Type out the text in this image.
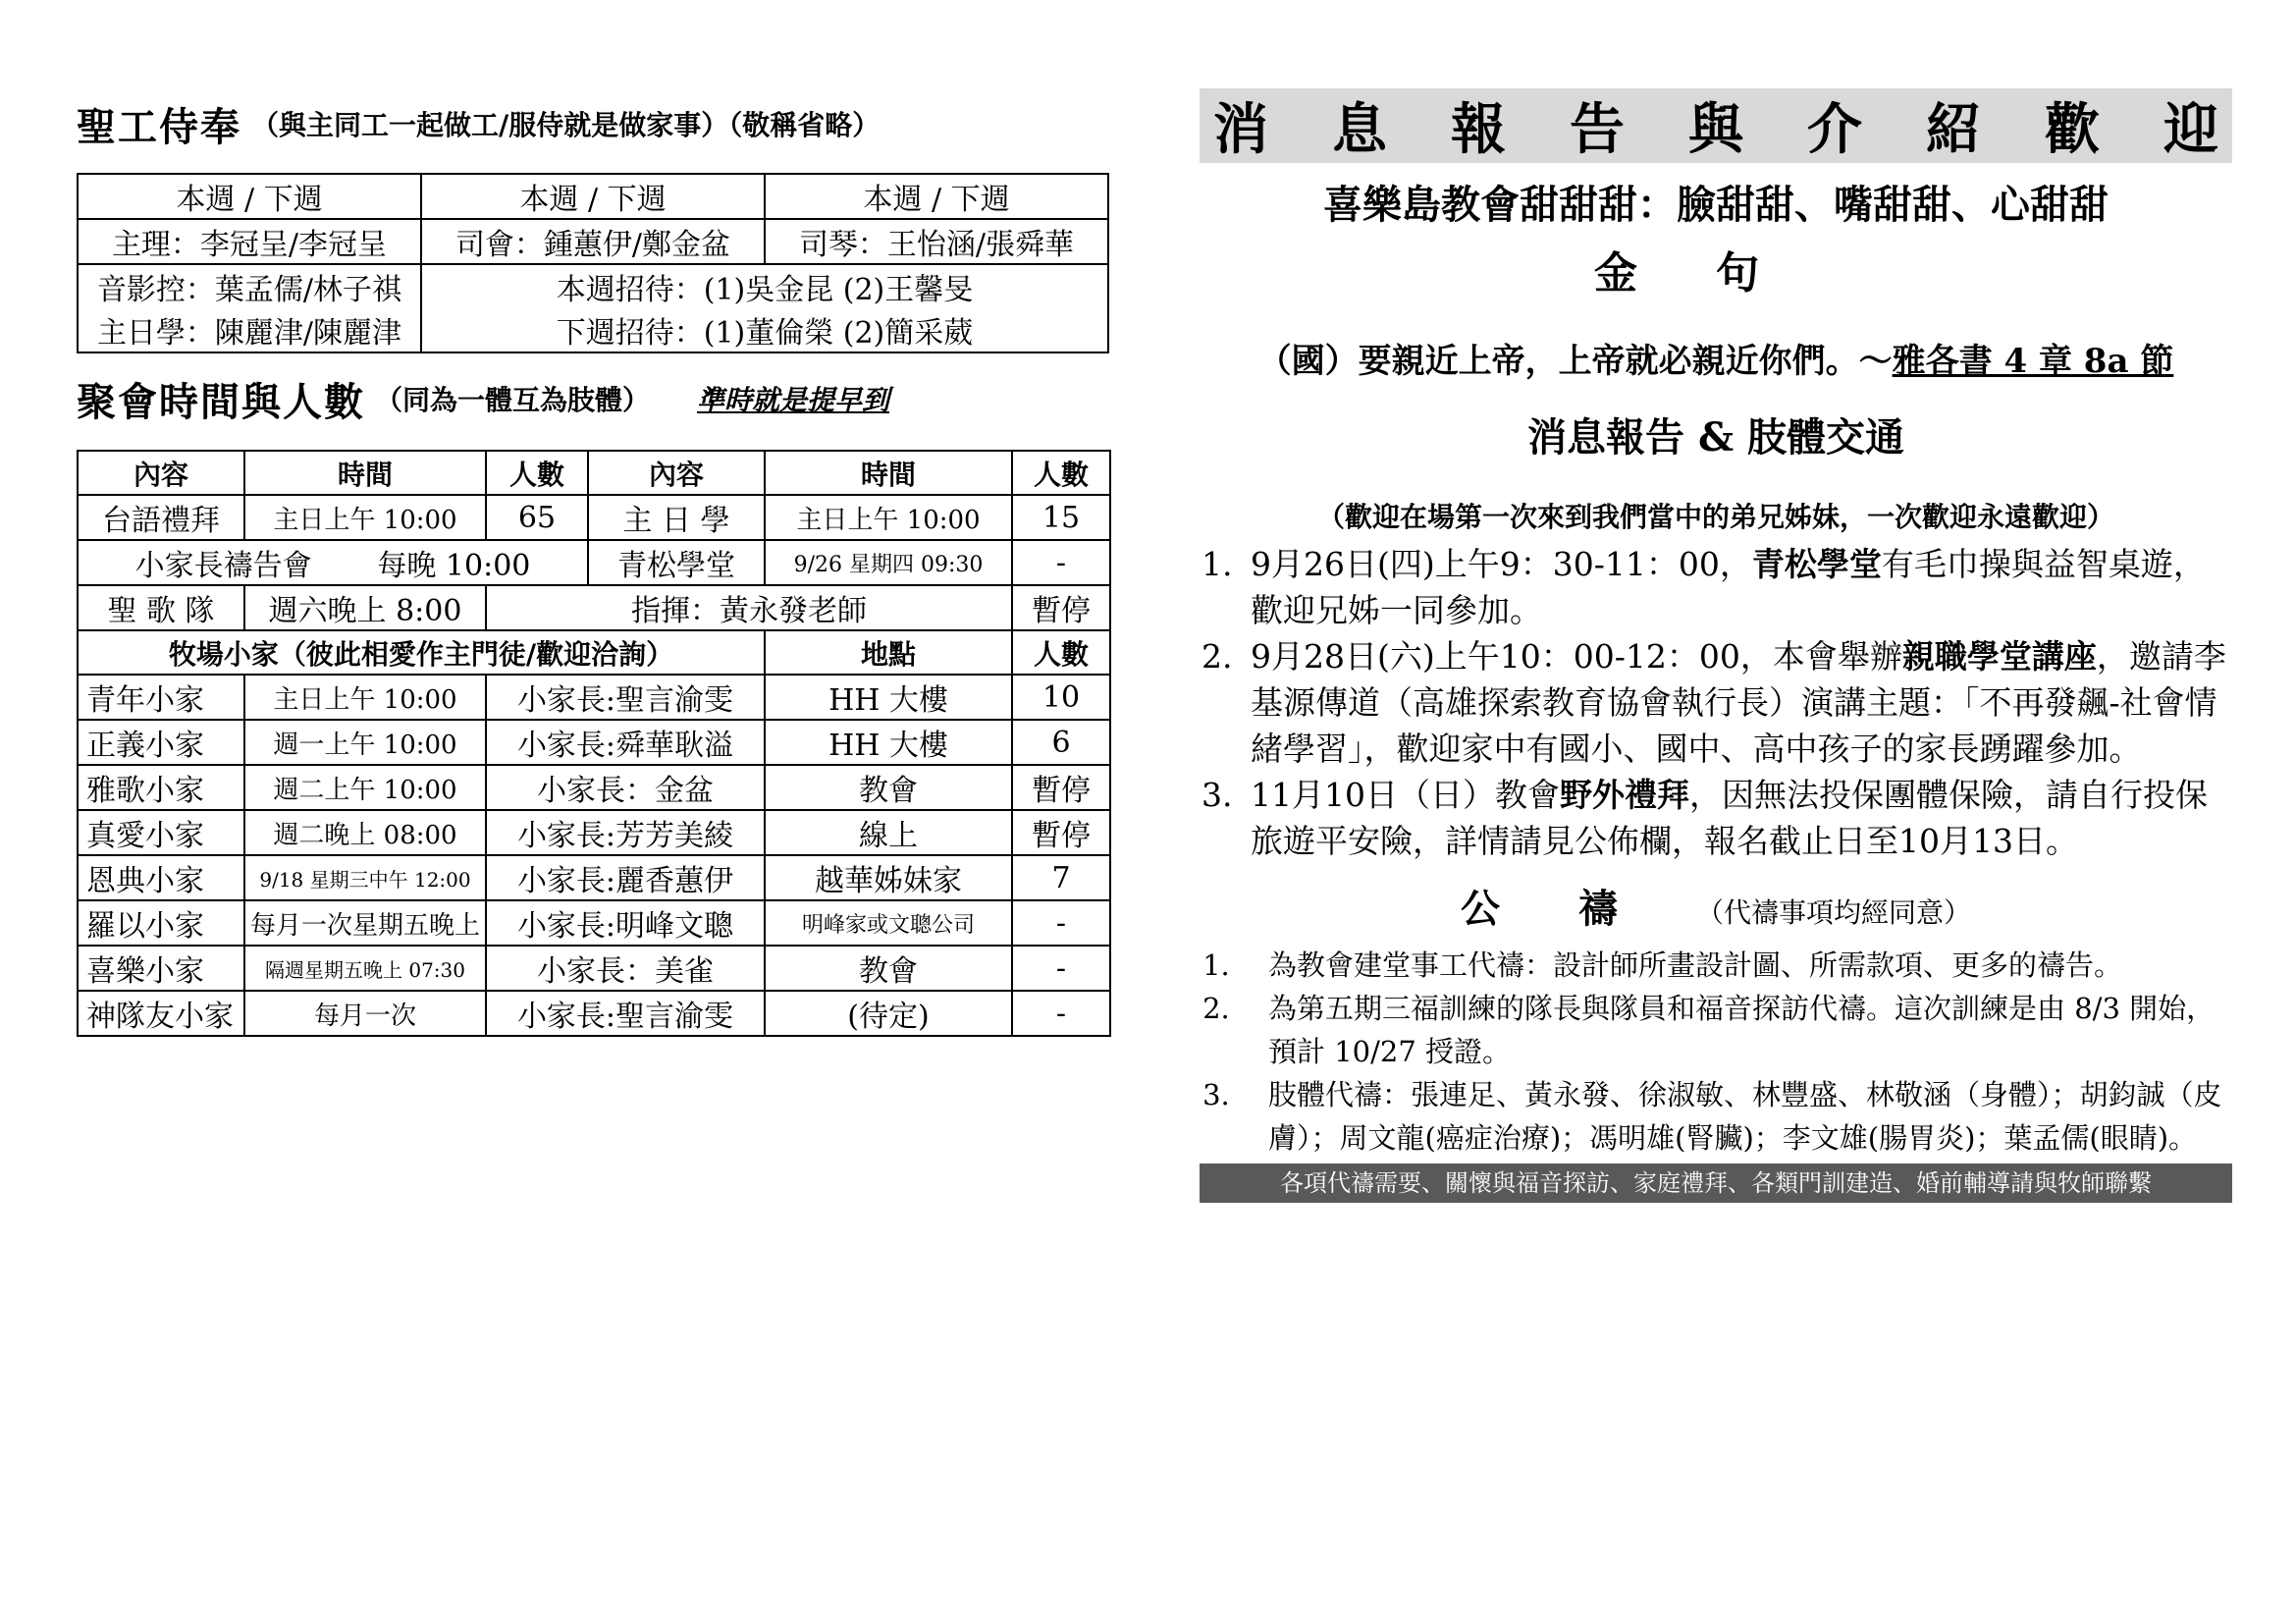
聖工侍奉 （與主同工一起做工/服侍就是做家事）（敬稱省略）
本週 / 下週	本週 / 下週	本週 / 下週
主理：李冠呈/李冠呈	司會：鍾蕙伊/鄭金盆	司琴：王怡涵/張舜華
音影控：葉孟儒/林子祺	本週招待：(1)吳金昆 (2)王馨旻	
主日學：陳麗津/陳麗津	下週招待：(1)董倫榮 (2)簡采葳	
聚會時間與人數 （同為一體互為肢體） 準時就是提早到
內容	時間	人數	內容	時間	人數
台語禮拜	主日上午 10:00	65	主 日 學	主日上午 10:00	15
小家長禱告會       每晚 10:00			青松學堂	9/26 星期四 09:30	-
聖 歌 隊	週六晚上 8:00	指揮：黃永發老師			暫停
牧場小家（彼此相愛作主門徒/歡迎洽詢）				地點	人數
青年小家	主日上午 10:00	小家長:聖言渝雯		HH 大樓	10
正義小家	週一上午 10:00	小家長:舜華耿溢		HH 大樓	6
雅歌小家	週二上午 10:00	小家長：金盆		教會	暫停
真愛小家	週二晚上 08:00	小家長:芳芳美綾		線上	暫停
恩典小家	9/18 星期三中午 12:00	小家長:麗香蕙伊		越華姊妹家	7
羅以小家	每月一次星期五晚上	小家長:明峰文聰		明峰家或文聰公司	-
喜樂小家	隔週星期五晚上 07:30	小家長：美雀		教會	-
神隊友小家	每月一次	小家長:聖言渝雯		(待定)	-
消 息 報 告 與 介 紹 歡 迎
喜樂島教會甜甜甜：臉甜甜、嘴甜甜、心甜甜
金句
（國）要親近上帝，上帝就必親近你們。～雅各書 4 章 8a 節
消息報告 & 肢體交通
（歡迎在場第一次來到我們當中的弟兄姊妹，一次歡迎永遠歡迎）
1. 9月26日(四)上午9：30-11：00，青松學堂有毛巾操與益智桌遊，歡迎兄姊一同參加。
2. 9月28日(六)上午10：00-12：00，本會舉辦親職學堂講座，邀請李基源傳道（高雄探索教育協會執行長）演講主題：「不再發飆-社會情緒學習」，歡迎家中有國小、國中、高中孩子的家長踴躍參加。
3. 11月10日（日）教會野外禮拜，因無法投保團體保險，請自行投保旅遊平安險，詳情請見公佈欄，報名截止日至10月13日。
公禱（代禱事項均經同意）
1. 為教會建堂事工代禱：設計師所畫設計圖、所需款項、更多的禱告。
2. 為第五期三福訓練的隊長與隊員和福音探訪代禱。這次訓練是由 8/3 開始，預計 10/27 授證。
3. 肢體代禱：張連足、黃永發、徐淑敏、林豐盛、林敬涵（身體）；胡鈞誠（皮膚）；周文龍(癌症治療)；馮明雄(腎臟)；李文雄(腸胃炎)；葉孟儒(眼睛)。
各項代禱需要、關懷與福音探訪、家庭禮拜、各類門訓建造、婚前輔導請與牧師聯繫
